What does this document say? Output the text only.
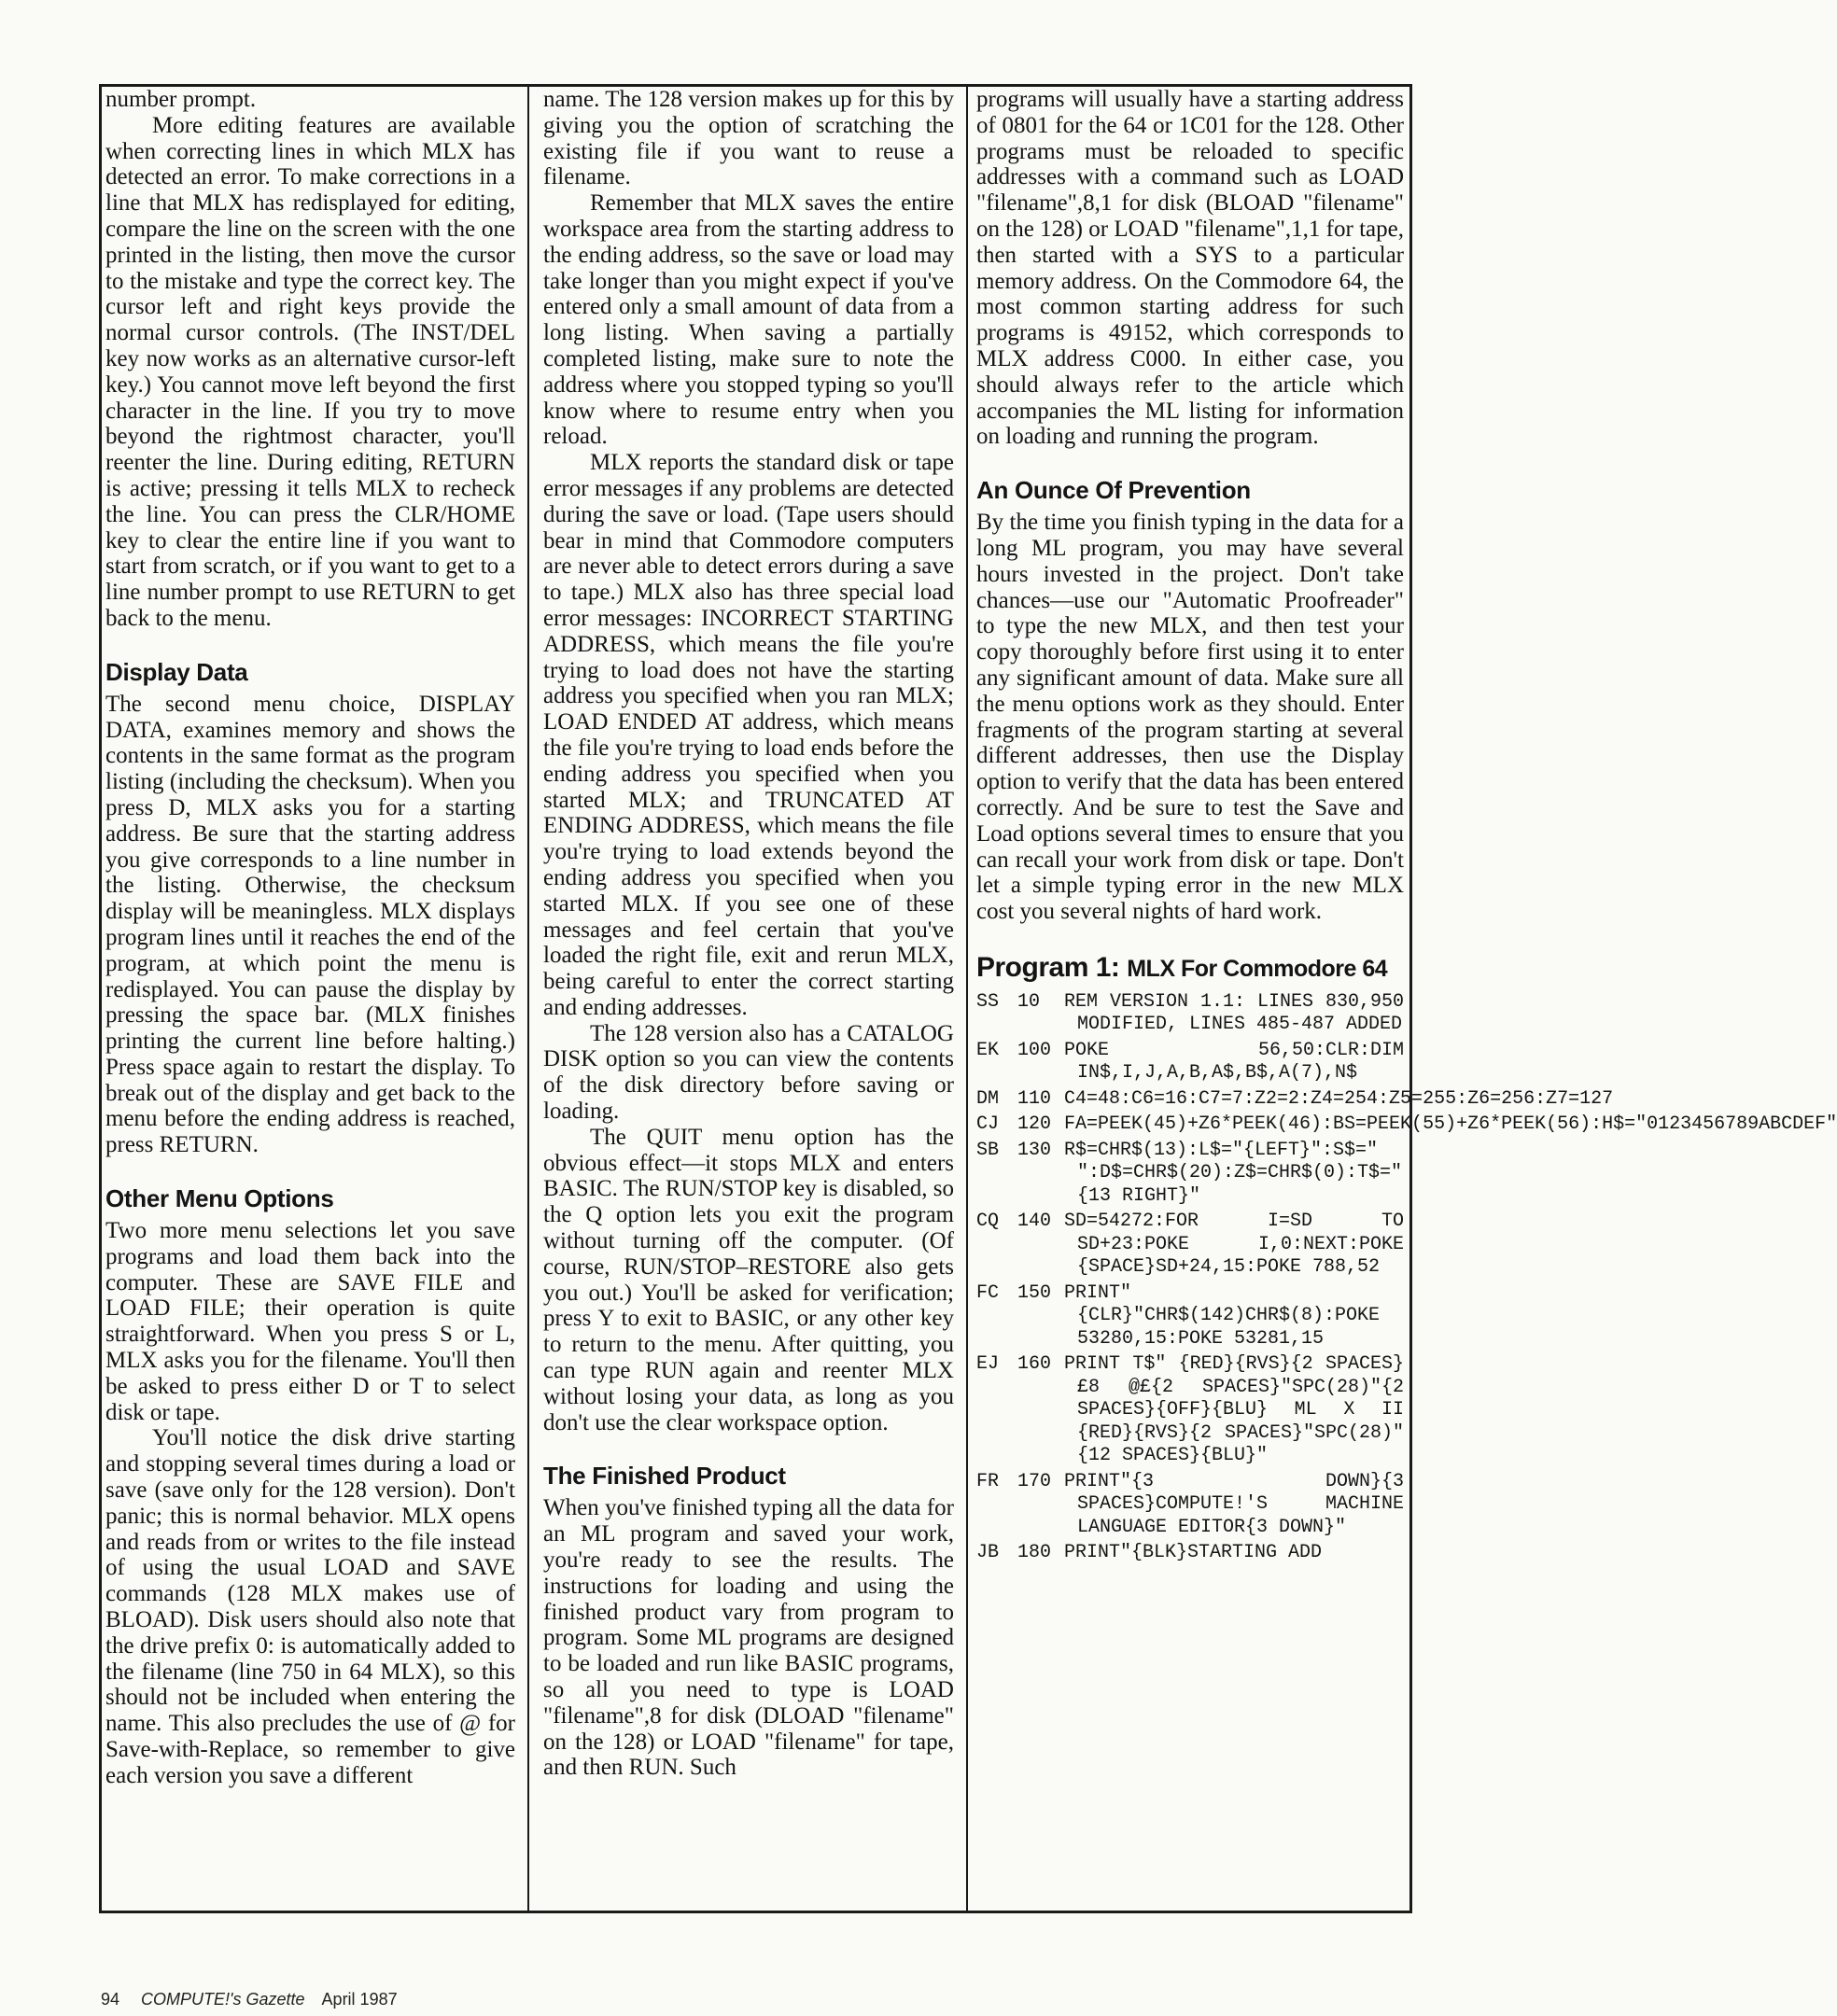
number prompt.

More editing features are available when correcting lines in which MLX has detected an error. To make corrections in a line that MLX has redisplayed for editing, compare the line on the screen with the one printed in the listing, then move the cursor to the mistake and type the correct key. The cursor left and right keys provide the normal cursor controls. (The INST/DEL key now works as an alternative cursor-left key.) You cannot move left beyond the first character in the line. If you try to move beyond the rightmost character, you'll reenter the line. During editing, RETURN is active; pressing it tells MLX to recheck the line. You can press the CLR/HOME key to clear the entire line if you want to start from scratch, or if you want to get to a line number prompt to use RETURN to get back to the menu.

Display Data

The second menu choice, DISPLAY DATA, examines memory and shows the contents in the same format as the program listing (including the checksum). When you press D, MLX asks you for a starting address. Be sure that the starting address you give corresponds to a line number in the listing. Otherwise, the checksum display will be meaningless. MLX displays program lines until it reaches the end of the program, at which point the menu is redisplayed. You can pause the display by pressing the space bar. (MLX finishes printing the current line before halting.) Press space again to restart the display. To break out of the display and get back to the menu before the ending address is reached, press RETURN.

Other Menu Options

Two more menu selections let you save programs and load them back into the computer. These are SAVE FILE and LOAD FILE; their operation is quite straightforward. When you press S or L, MLX asks you for the filename. You'll then be asked to press either D or T to select disk or tape.

You'll notice the disk drive starting and stopping several times during a load or save (save only for the 128 version). Don't panic; this is normal behavior. MLX opens and reads from or writes to the file instead of using the usual LOAD and SAVE commands (128 MLX makes use of BLOAD). Disk users should also note that the drive prefix 0: is automatically added to the filename (line 750 in 64 MLX), so this should not be included when entering the name. This also precludes the use of @ for Save-with-Replace, so remember to give each version you save a different

name. The 128 version makes up for this by giving you the option of scratching the existing file if you want to reuse a filename.

Remember that MLX saves the entire workspace area from the starting address to the ending address, so the save or load may take longer than you might expect if you've entered only a small amount of data from a long listing. When saving a partially completed listing, make sure to note the address where you stopped typing so you'll know where to resume entry when you reload.

MLX reports the standard disk or tape error messages if any problems are detected during the save or load. (Tape users should bear in mind that Commodore computers are never able to detect errors during a save to tape.) MLX also has three special load error messages: INCORRECT STARTING ADDRESS, which means the file you're trying to load does not have the starting address you specified when you ran MLX; LOAD ENDED AT address, which means the file you're trying to load ends before the ending address you specified when you started MLX; and TRUNCATED AT ENDING ADDRESS, which means the file you're trying to load extends beyond the ending address you specified when you started MLX. If you see one of these messages and feel certain that you've loaded the right file, exit and rerun MLX, being careful to enter the correct starting and ending addresses.

The 128 version also has a CATALOG DISK option so you can view the contents of the disk directory before saving or loading.

The QUIT menu option has the obvious effect—it stops MLX and enters BASIC. The RUN/STOP key is disabled, so the Q option lets you exit the program without turning off the computer. (Of course, RUN/STOP–RESTORE also gets you out.) You'll be asked for verification; press Y to exit to BASIC, or any other key to return to the menu. After quitting, you can type RUN again and reenter MLX without losing your data, as long as you don't use the clear workspace option.

The Finished Product

When you've finished typing all the data for an ML program and saved your work, you're ready to see the results. The instructions for loading and using the finished product vary from program to program. Some ML programs are designed to be loaded and run like BASIC programs, so all you need to type is LOAD "filename",8 for disk (DLOAD "filename" on the 128) or LOAD "filename" for tape, and then RUN. Such

programs will usually have a starting address of 0801 for the 64 or 1C01 for the 128. Other programs must be reloaded to specific addresses with a command such as LOAD "filename",8,1 for disk (BLOAD "filename" on the 128) or LOAD "filename",1,1 for tape, then started with a SYS to a particular memory address. On the Commodore 64, the most common starting address for such programs is 49152, which corresponds to MLX address C000. In either case, you should always refer to the article which accompanies the ML listing for information on loading and running the program.

An Ounce Of Prevention

By the time you finish typing in the data for a long ML program, you may have several hours invested in the project. Don't take chances—use our "Automatic Proofreader" to type the new MLX, and then test your copy thoroughly before first using it to enter any significant amount of data. Make sure all the menu options work as they should. Enter fragments of the program starting at several different addresses, then use the Display option to verify that the data has been entered correctly. And be sure to test the Save and Load options several times to ensure that you can recall your work from disk or tape. Don't let a simple typing error in the new MLX cost you several nights of hard work.

Program 1: MLX For Commodore 64
SS 10	REM VERSION 1.1: LINES 830,950 MODIFIED, LINES 485-487 ADDED
EK 100 POKE 56,50:CLR:DIM IN$,I,J,A,B,A$,B$,A(7),N$
DM 110 C4=48:C6=16:C7=7:Z2=2:Z4=254:Z5=255:Z6=256:Z7=127
CJ 120 FA=PEEK(45)+Z6*PEEK(46):BS=PEEK(55)+Z6*PEEK(56):H$="0123456789ABCDEF"
SB 130 R$=CHR$(13):L$="{LEFT}":S$=" ":D$=CHR$(20):Z$=CHR$(0):T$="{13 RIGHT}"
CQ 140 SD=54272:FOR I=SD TO SD+23:POKE I,0:NEXT:POKE {SPACE}SD+24,15:POKE 788,52
FC 150 PRINT"{CLR}"CHR$(142)CHR$(8):POKE 53280,15:POKE 53281,15
EJ 160 PRINT T$" {RED}{RVS}{2 SPACES}£8 @£{2 SPACES}"SPC(28)"{2 SPACES}{OFF}{BLU} ML X II {RED}{RVS}{2 SPACES}"SPC(28)"{12 SPACES}{BLU}"
FR 170 PRINT"{3 DOWN}{3 SPACES}COMPUTE!'S MACHINE LANGUAGE EDITOR{3 DOWN}"
JB 180 PRINT"{BLK}STARTING ADD
94 COMPUTE!'s Gazette April 1987
